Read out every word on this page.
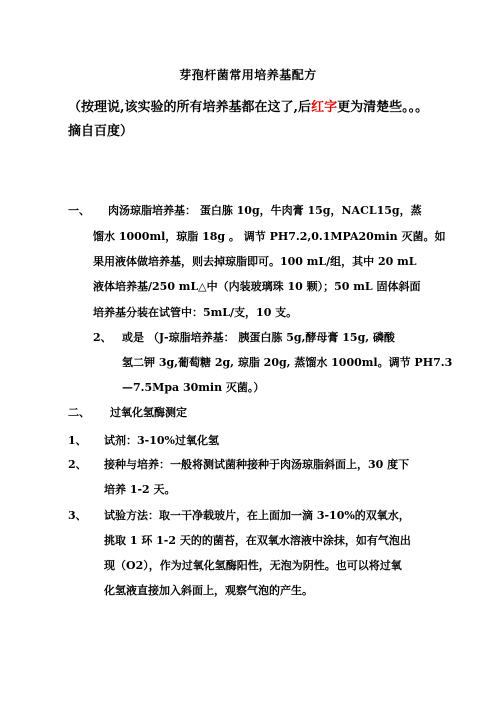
芽孢杆菌常用培养基配方
（按理说,该实验的所有培养基都在这了,后红字更为清楚些。。。
摘自百度）
一、 肉汤琼脂培养基： 蛋白胨 10g，牛肉膏 15g，NACL15g，蒸
馏水 1000ml，琼脂 18g 。 调节 PH7.2,0.1MPA20min 灭菌。如
果用液体做培养基，则去掉琼脂即可。100 mL/组，其中 20 mL
液体培养基/250 mL△中（内装玻璃珠 10 颗）；50 mL 固体斜面
培养基分装在试管中：5mL/支，10 支。
2、 或是 （J-琼脂培养基： 胰蛋白胨 5g,酵母膏 15g, 磷酸
氢二钾 3g,葡萄糖 2g, 琼脂 20g, 蒸馏水 1000ml。调节 PH7.3
—7.5Mpa 30min 灭菌。）
二、 过氧化氢酶测定
1、 试剂：3-10%过氧化氢
2、 接种与培养：一般将测试菌种接种于肉汤琼脂斜面上，30 度下
培养 1-2 天。
3、 试验方法：取一干净载玻片，在上面加一滴 3-10%的双氧水，
挑取 1 环 1-2 天的的菌苔，在双氧水溶液中涂抹，如有气泡出
现（O2），作为过氧化氢酶阳性，无泡为阴性。也可以将过氧
化氢液直接加入斜面上，观察气泡的产生。
